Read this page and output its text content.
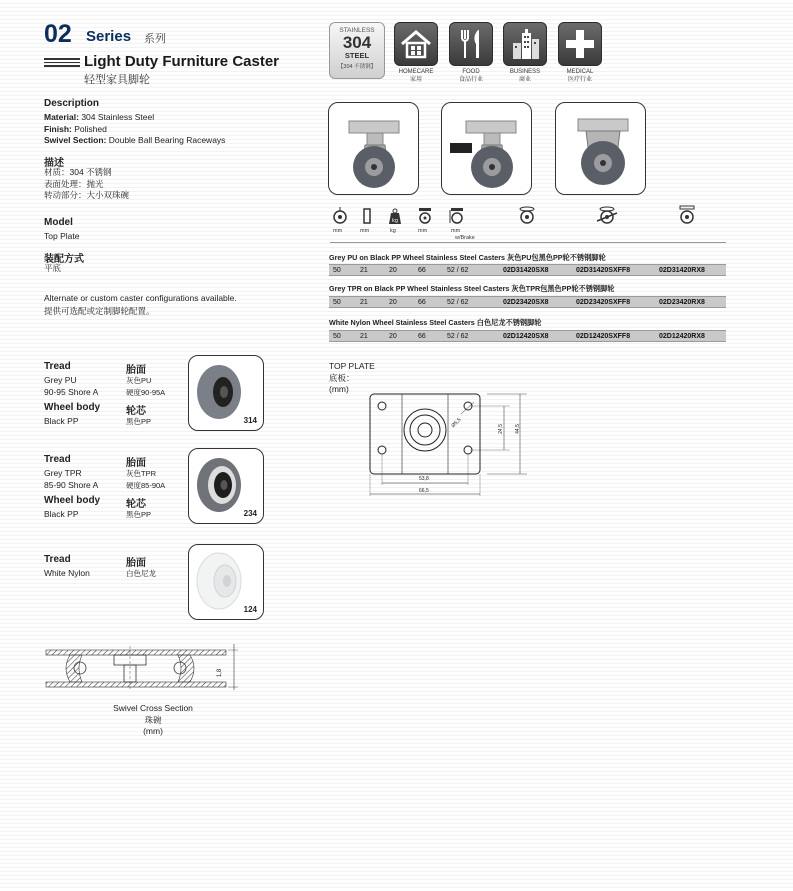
02 Series 系列
Light Duty Furniture Caster
轻型家具脚轮
STAINLESS
304
STEEL
【304 不锈钢】
HOMECARE
家用
FOOD
食品行业
BUSINESS
商业
MEDICAL
医疗行业
Description
Material: 304 Stainless Steel
Finish: Polished
Swivel Section: Double Ball Bearing Raceways
描述
材质：304 不锈钢
表面处理：抛光
转动部分：大小双珠碗
Model
Top Plate
装配方式
平底
Alternate or custom caster configurations available.
提供可选配或定制脚轮配置。
kg
mm	mm	kg	mm	mm
w/Brake
Grey PU on Black PP Wheel Stainless Steel Casters 灰色PU包黑色PP轮不锈钢脚轮
50	21	20	66	52 / 62	02D31420SX8	02D31420SXFF8	02D31420RX8
Grey TPR on Black PP Wheel Stainless Steel Casters 灰色TPR包黑色PP轮不锈钢脚轮
50	21	20	66	52 / 62	02D23420SX8	02D23420SXFF8	02D23420RX8
White Nylon Wheel Stainless Steel Casters 白色尼龙不锈钢脚轮
50	21	20	66	52 / 62	02D12420SX8	02D12420SXFF8	02D12420RX8
TOP PLATE
底板：
(mm)
Ø5,5
24,5 44,5
53,8
66,5
Tread	胎面
Grey PU
90-95 Shore A
灰色PU
硬度90-95A
Wheel body	轮芯
Black PP	黑色PP	314
Tread	胎面
Grey TPR
85-90 Shore A
灰色TPR
硬度85-90A
Wheel body	轮芯
Black PP	黑色PP	234
Tread	胎面
White Nylon	白色尼龙
124
1,8
Swivel Cross Section
珠碗
(mm)
